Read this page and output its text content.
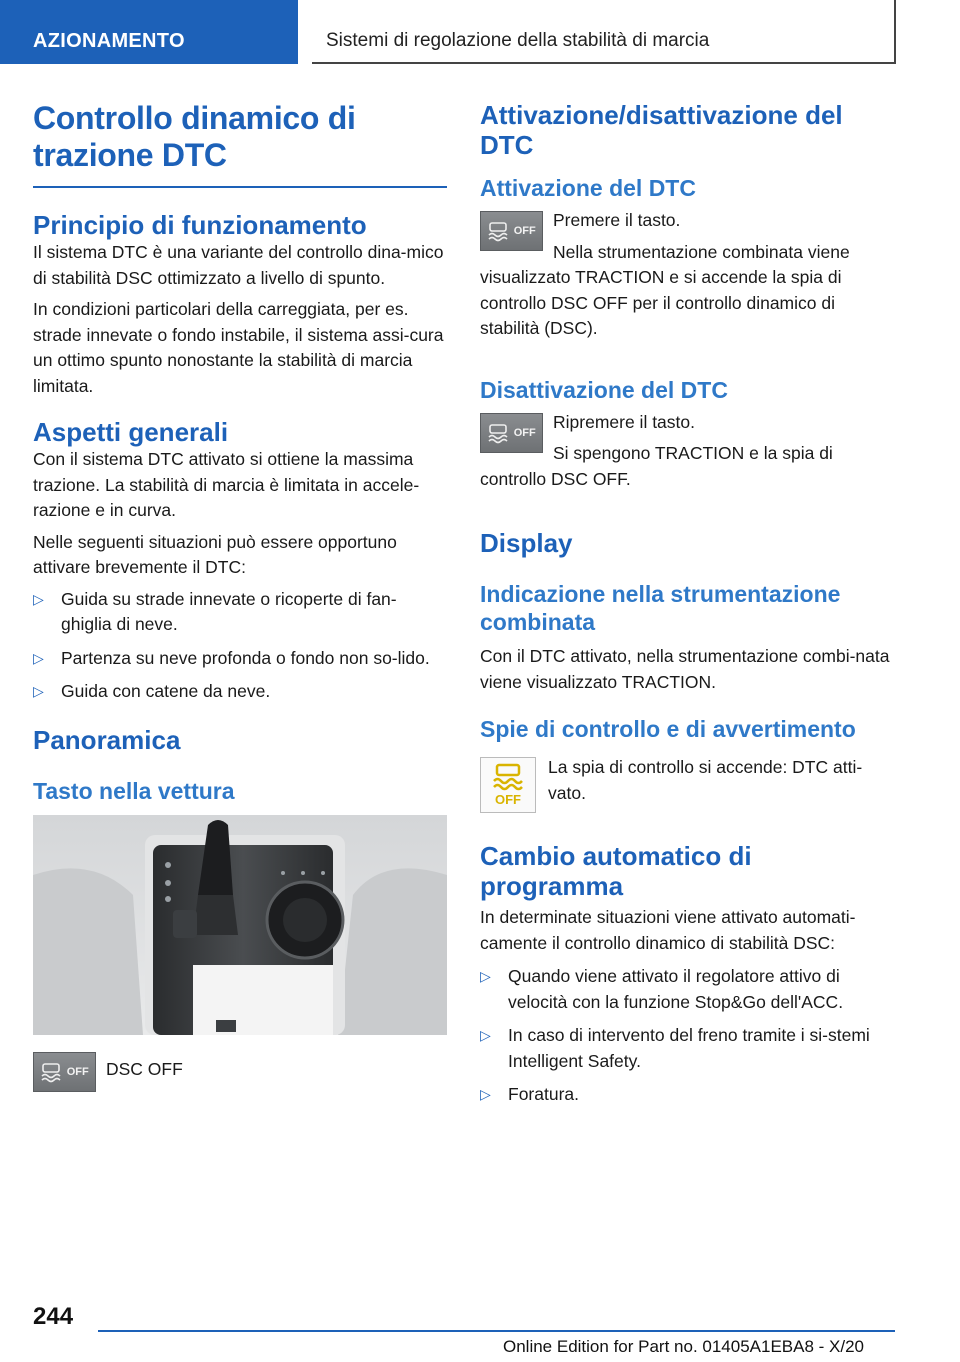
AZIONAMENTO	Sistemi di regolazione della stabilità di marcia
Controllo dinamico di trazione DTC
Principio di funzionamento

Il sistema DTC è una variante del controllo dina-mico di stabilità DSC ottimizzato a livello di spunto.

In condizioni particolari della carreggiata, per es. strade innevate o fondo instabile, il sistema assi-cura un ottimo spunto nonostante la stabilità di marcia limitata.

Aspetti generali

Con il sistema DTC attivato si ottiene la massima trazione. La stabilità di marcia è limitata in accele-razione e in curva.

Nelle seguenti situazioni può essere opportuno attivare brevemente il DTC:

▷ Guida su strade innevate o ricoperte di fan-ghiglia di neve.
▷ Partenza su neve profonda o fondo non so-lido.
▷ Guida con catene da neve.
Panoramica
Tasto nella vettura
OFF DSC OFF

Attivazione/disattivazione del DTC
Attivazione del DTC
OFF

Premere il tasto.

Nella strumentazione combinata viene visualizzato TRACTION e si accende la spia di controllo DSC OFF per il controllo dinamico di stabilità (DSC).

Disattivazione del DTC
OFF

Ripremere il tasto.

Si spengono TRACTION e la spia di controllo DSC OFF.

Display
Indicazione nella strumentazione combinata

Con il DTC attivato, nella strumentazione combi-nata viene visualizzato TRACTION.

Spie di controllo e di avvertimento
OFF

La spia di controllo si accende: DTC atti-vato.

Cambio automatico di programma

In determinate situazioni viene attivato automati-camente il controllo dinamico di stabilità DSC:

▷ Quando viene attivato il regolatore attivo di velocità con la funzione Stop&Go dell'ACC.
▷ In caso di intervento del freno tramite i si-stemi Intelligent Safety.
▷ Foratura.
244
Online Edition for Part no. 01405A1EBA8 - X/20
